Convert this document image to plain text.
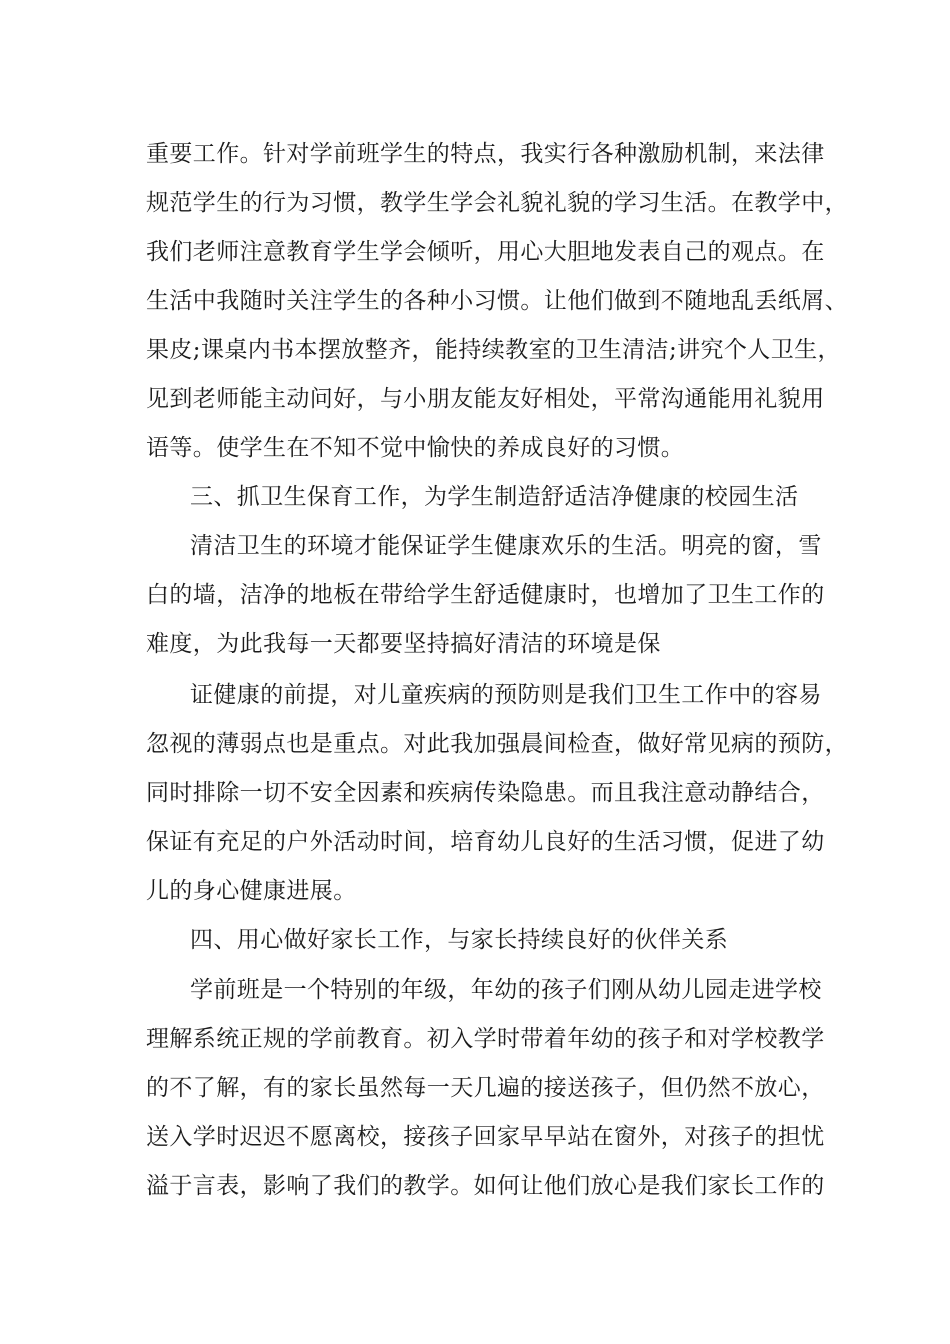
重要工作。针对学前班学生的特点，我实行各种激励机制，来法律
规范学生的行为习惯，教学生学会礼貌礼貌的学习生活。在教学中，
我们老师注意教育学生学会倾听，用心大胆地发表自己的观点。在
生活中我随时关注学生的各种小习惯。让他们做到不随地乱丢纸屑、
果皮;课桌内书本摆放整齐，能持续教室的卫生清洁;讲究个人卫生，
见到老师能主动问好，与小朋友能友好相处，平常沟通能用礼貌用
语等。使学生在不知不觉中愉快的养成良好的习惯。
三、抓卫生保育工作，为学生制造舒适洁净健康的校园生活
清洁卫生的环境才能保证学生健康欢乐的生活。明亮的窗，雪
白的墙，洁净的地板在带给学生舒适健康时，也增加了卫生工作的
难度，为此我每一天都要坚持搞好清洁的环境是保
证健康的前提，对儿童疾病的预防则是我们卫生工作中的容易
忽视的薄弱点也是重点。对此我加强晨间检查，做好常见病的预防，
同时排除一切不安全因素和疾病传染隐患。而且我注意动静结合，
保证有充足的户外活动时间，培育幼儿良好的生活习惯，促进了幼
儿的身心健康进展。
四、用心做好家长工作，与家长持续良好的伙伴关系
学前班是一个特别的年级，年幼的孩子们刚从幼儿园走进学校
理解系统正规的学前教育。初入学时带着年幼的孩子和对学校教学
的不了解，有的家长虽然每一天几遍的接送孩子，但仍然不放心，
送入学时迟迟不愿离校，接孩子回家早早站在窗外，对孩子的担忧
溢于言表，影响了我们的教学。如何让他们放心是我们家长工作的
